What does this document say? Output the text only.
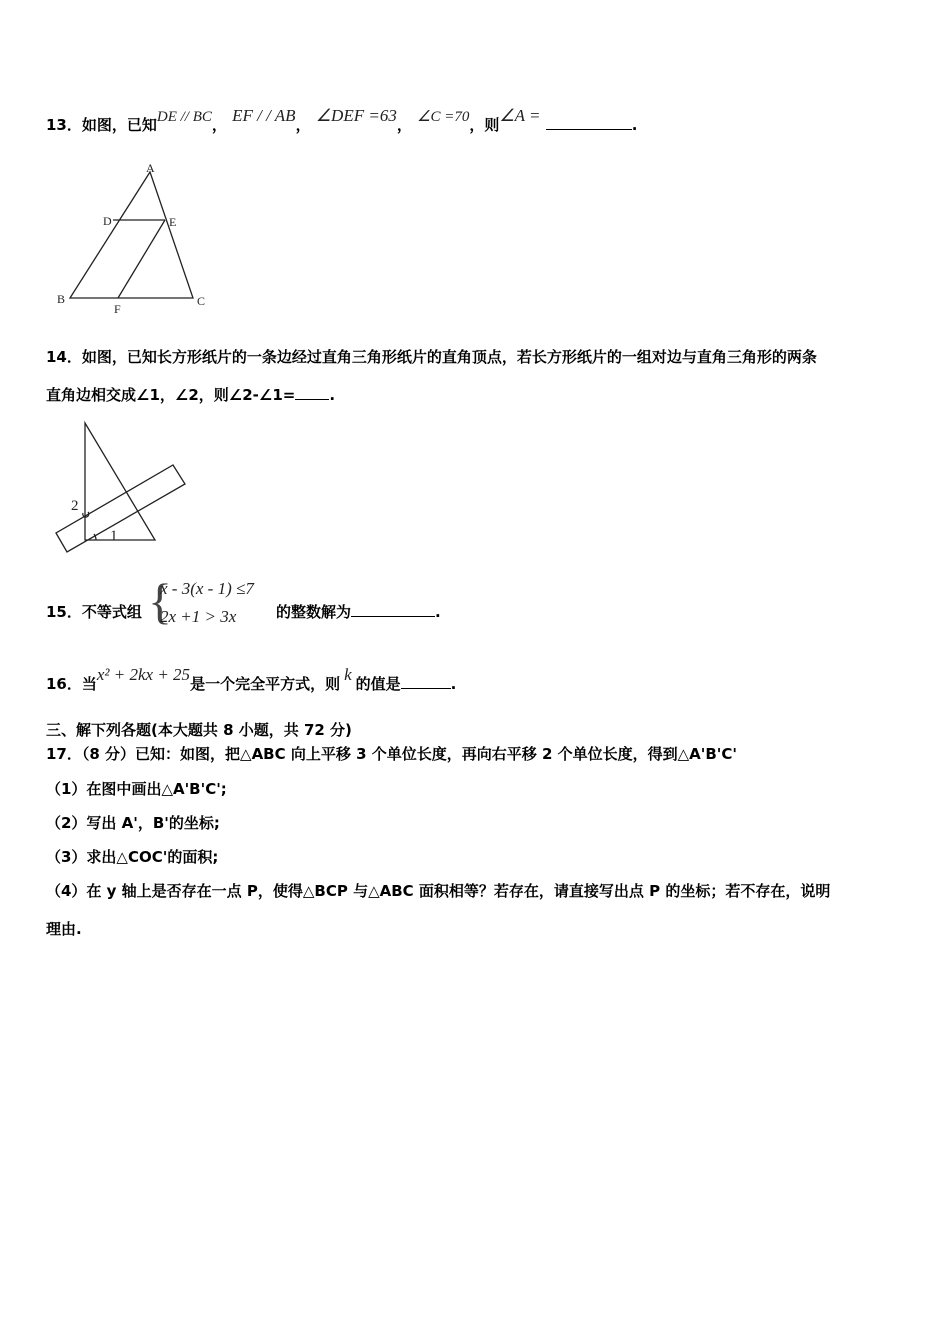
13．如图，已知DE // BC， EF / / AB， ∠DEF =63， ∠C =70，则∠A =	.
A
D	E
B	C
F
14．如图，已知长方形纸片的一条边经过直角三角形纸片的直角顶点，若长方形纸片的一组对边与直角三角形的两条
直角边相交成∠1，∠2，则∠2-∠1= .
1
2
15．不等式组 {
x - 3(x - 1) ≤7
2x +1 > 3x	的整数解为	.
16．当x² + 2kx + 25是一个完全平方式，则 k 的值是	.
三、解下列各题(本大题共 8 小题，共 72 分)
17．（8 分）已知：如图，把△ABC 向上平移 3 个单位长度，再向右平移 2 个单位长度，得到△A'B'C'
（1）在图中画出△A'B'C';
（2）写出 A'，B'的坐标;
（3）求出△COC'的面积;
（4）在 y 轴上是否存在一点 P，使得△BCP 与△ABC 面积相等？若存在，请直接写出点 P 的坐标；若不存在，说明
理由.
